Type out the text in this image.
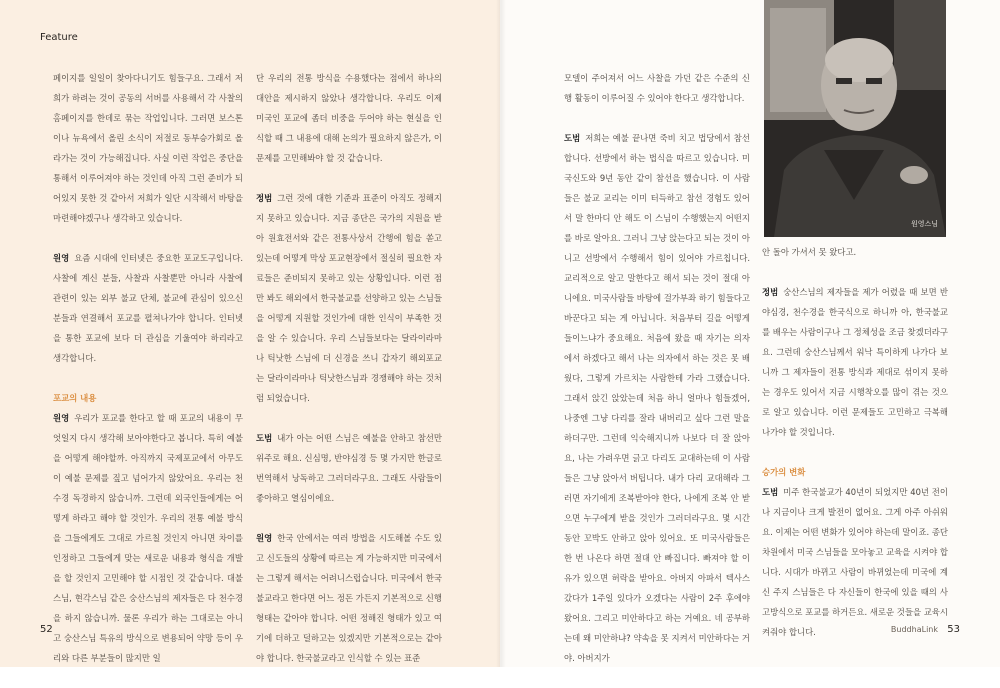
Feature

페이지를 일일이 찾아다니기도 힘들구요. 그래서 저희가 하려는 것이 공동의 서버를 사용해서 각 사찰의 홈페이지를 한데로 묶는 작업입니다. 그러면 보스톤이나 뉴욕에서 올린 소식이 저절로 동부승가회로 올라가는 것이 가능해집니다. 사실 이런 작업은 중단을 통해서 이루어져야 하는 것인데 아직 그런 준비가 되어있지 못한 것 같아서 저희가 일단 시작해서 바탕을 마련해야겠구나 생각하고 있습니다.

원영 요즘 시대에 인터넷은 중요한 포교도구입니다. 사찰에 계신 분들, 사찰과 사찰뿐만 아니라 사찰에 관련이 있는 외부 불교 단체, 불교에 관심이 있으신 분들과 연결해서 포교를 펼쳐나가야 합니다. 인터넷을 통한 포교에 보다 더 관심을 기울여야 하리라고 생각합니다.

포교의 내용

원영 우리가 포교를 한다고 할 때 포교의 내용이 무엇일지 다시 생각해 보아야한다고 봅니다. 특히 예불을 어떻게 해야할까. 아직까지 국제포교에서 아무도 이 예불 문제를 짚고 넘어가지 않았어요. 우리는 천수경 독경하지 않습니까. 그런데 외국인들에게는 어떻게 하라고 해야 할 것인가. 우리의 전통 예불 방식을 그들에게도 그대로 가르칠 것인지 아니면 차이를 인정하고 그들에게 맞는 새로운 내용과 형식을 개발을 할 것인지 고민해야 할 시점인 것 같습니다. 대불스님, 현각스님 같은 숭산스님의 제자들은 다 천수경을 하지 않습니까. 물론 우리가 하는 그대로는 아니고 숭산스님 특유의 방식으로 변용되어 약망 등이 우리와 다른 부분들이 많지만 일

단 우리의 전통 방식을 수용했다는 점에서 하나의 대안을 제시하지 않았나 생각합니다. 우리도 이제 미국인 포교에 좀더 비중을 두어야 하는 현실을 인식할 때 그 내용에 대해 논의가 필요하지 않은가, 이 문제를 고민해봐야 할 것 같습니다.

정범 그런 것에 대한 기준과 표준이 아직도 정해지지 못하고 있습니다. 지금 종단은 국가의 지원을 받아 원효전서와 같은 전통사상서 간행에 힘을 쏟고 있는데 어떻게 막상 포교현장에서 절실히 필요한 자료들은 준비되지 못하고 있는 상황입니다. 이런 점만 봐도 해외에서 한국불교를 선양하고 있는 스님들을 어떻게 지원할 것인가에 대한 인식이 부족한 것을 알 수 있습니다. 우리 스님들보다는 달라이라마나 틱낫한 스님에 더 신경을 쓰니 갑자기 해외포교는 달라이라마나 틱낫한스님과 경쟁해야 하는 것처럼 되었습니다.

도범 내가 아는 어떤 스님은 예불을 안하고 참선만 위주로 해요. 신심명, 반야심경 등 몇 가지만 한글로 번역해서 낭독하고 그러더라구요. 그래도 사람들이 좋아하고 열심이에요.

원영 한국 안에서는 여러 방법을 시도해볼 수도 있고 신도들의 상황에 따르는 게 가능하지만 미국에서는 그렇게 해서는 어려니스럽습니다. 미국에서 한국불교라고 한다면 어느 정돈 가든지 기본적으로 신행 형태는 같아야 합니다. 어떤 정해진 형태가 있고 여기에 더하고 덜하고는 있겠지만 기본적으로는 같아야 합니다. 한국불교라고 인식할 수 있는 표준

52

모델이 주어져서 어느 사찰을 가던 같은 수준의 신행 활동이 이루어질 수 있어야 한다고 생각합니다.

도범 저희는 예불 끝나면 죽비 치고 법당에서 참선합니다. 선방에서 하는 법식을 따르고 있습니다. 미국신도와 9년 동안 같이 참선을 했습니다. 이 사람들은 불교 교리는 이미 터득하고 참선 경험도 있어서 말 한마디 안 해도 이 스님이 수행했는지 어떤지를 바로 알아요. 그러니 그냥 앉는다고 되는 것이 아니고 선방에서 수행해서 힘이 있어야 가르칩니다. 교리적으로 알고 말한다고 해서 되는 것이 절대 아니에요. 미국사람들 바탕에 걸가부좌 하기 힘들다고 바꾼다고 되는 게 아닙니다. 처음부터 길을 어떻게 들이느냐가 중요해요. 처음에 왔을 때 자기는 의자에서 하겠다고 해서 나는 의자에서 하는 것은 못 배웠다, 그렇게 가르치는 사람한테 가라 그랬습니다. 그래서 앉긴 앉았는데 처음 하니 얼마나 힘들겠어, 나중엔 그냥 다리를 잘라 내버리고 싶다 그런 말을 하더구만. 그런데 익숙해지니까 나보다 더 잘 앉아요, 나는 가려우면 긁고 다리도 교대하는데 이 사람들은 그냥 앉아서 버팁니다. 내가 다리 교대해라 그러면 자기에게 조복받아야 한다, 나에게 조복 안 받으면 누구에게 받을 것인가 그러더라구요. 몇 시간 동안 꼬박도 안하고 앉아 있어요. 또 미국사람들은 한 번 나온다 하면 절대 안 빠집니다. 빠져야 할 이유가 있으면 허락을 받아요. 아버지 아파서 텍사스 갔다가 1주일 있다가 오겠다는 사람이 2주 후에야 왔어요. 그리고 미안하다고 하는 거예요. 네 공부하는데 왜 미안하냐? 약속을 못 지켜서 미안하다는 거야. 아버지가

안 돌아 가셔서 못 왔다고.

정범 숭산스님의 제자들을 제가 어렸을 때 보면 반야심경, 천수경을 한국식으로 하니까 아, 한국불교를 배우는 사람이구나 그 정체성을 조금 찾겠더라구요. 그런데 숭산스님께서 워낙 특이하게 나가다 보니까 그 제자들이 전통 방식과 제대로 섞이지 못하는 경우도 있어서 지금 시행착오를 많이 겪는 것으로 알고 있습니다. 이런 문제들도 고민하고 극복해 나가야 할 것입니다.

승가의 변화

도범 미주 한국불교가 40년이 되었지만 40년 전이나 지금이나 크게 발전이 없어요. 그게 아주 아쉬워요. 이제는 어떤 변화가 있어야 하는데 말이죠. 종단 차원에서 미국 스님들을 모아놓고 교육을 시켜야 합니다. 시대가 바뀌고 사람이 바뀌었는데 미국에 계신 주지 스님들은 다 자신들이 한국에 있을 때의 사고방식으로 포교를 하거든요. 새로운 것들을 교육시켜줘야 합니다.	BuddhaLink 53
원영스님
